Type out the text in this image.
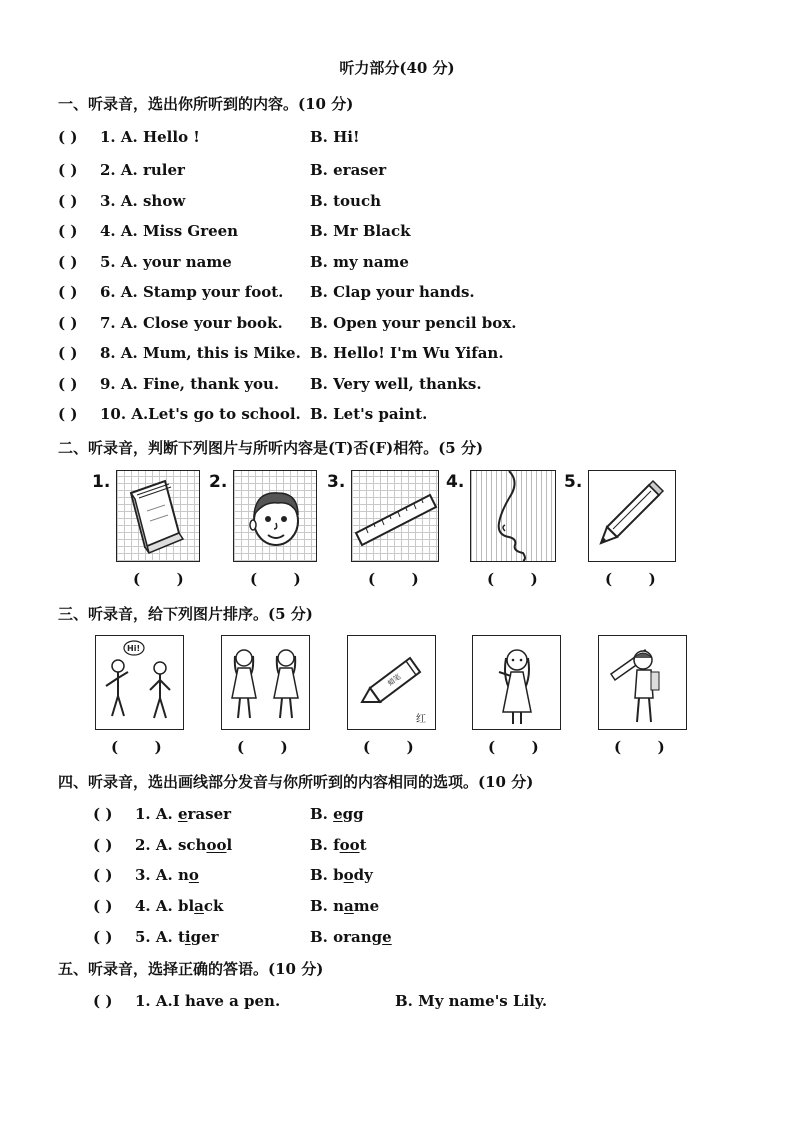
听力部分(40 分)
一、听录音，选出你所听到的内容。(10 分)
( ) 1. A. Hello !	B. Hi!
( ) 2. A. ruler	B. eraser
( ) 3. A. show	B. touch
( ) 4. A. Miss Green	B. Mr Black
( ) 5. A. your name	B. my name
( ) 6. A. Stamp your foot. B. Clap your hands.
( ) 7. A. Close your book. B. Open your pencil box.
( ) 8. A. Mum, this is Mike. B. Hello! I'm Wu Yifan.
( ) 9. A. Fine, thank you. B. Very well, thanks.
( ) 10. A.Let's go to school. B. Let's paint.
二、听录音，判断下列图片与所听内容是(T)否(F)相符。(5 分)
1.
(       )
2.
(       )
3.
(       )
4.
(       )
5.
(       )
三、听录音，给下列图片排序。(5 分)
Hi!
(       )	(       )
蜡笔
红
(       )	(       )	(       )
四、听录音，选出画线部分发音与你所听到的内容相同的选项。(10 分)
( ) 1. A. eraser	B. egg
( ) 2. A. school	B. foot
( ) 3. A. no	B. body
( ) 4. A. black	B. name
( ) 5. A. tiger	B. orange
五、听录音，选择正确的答语。(10 分)
( ) 1. A.I have a pen.	B. My name's Lily.
